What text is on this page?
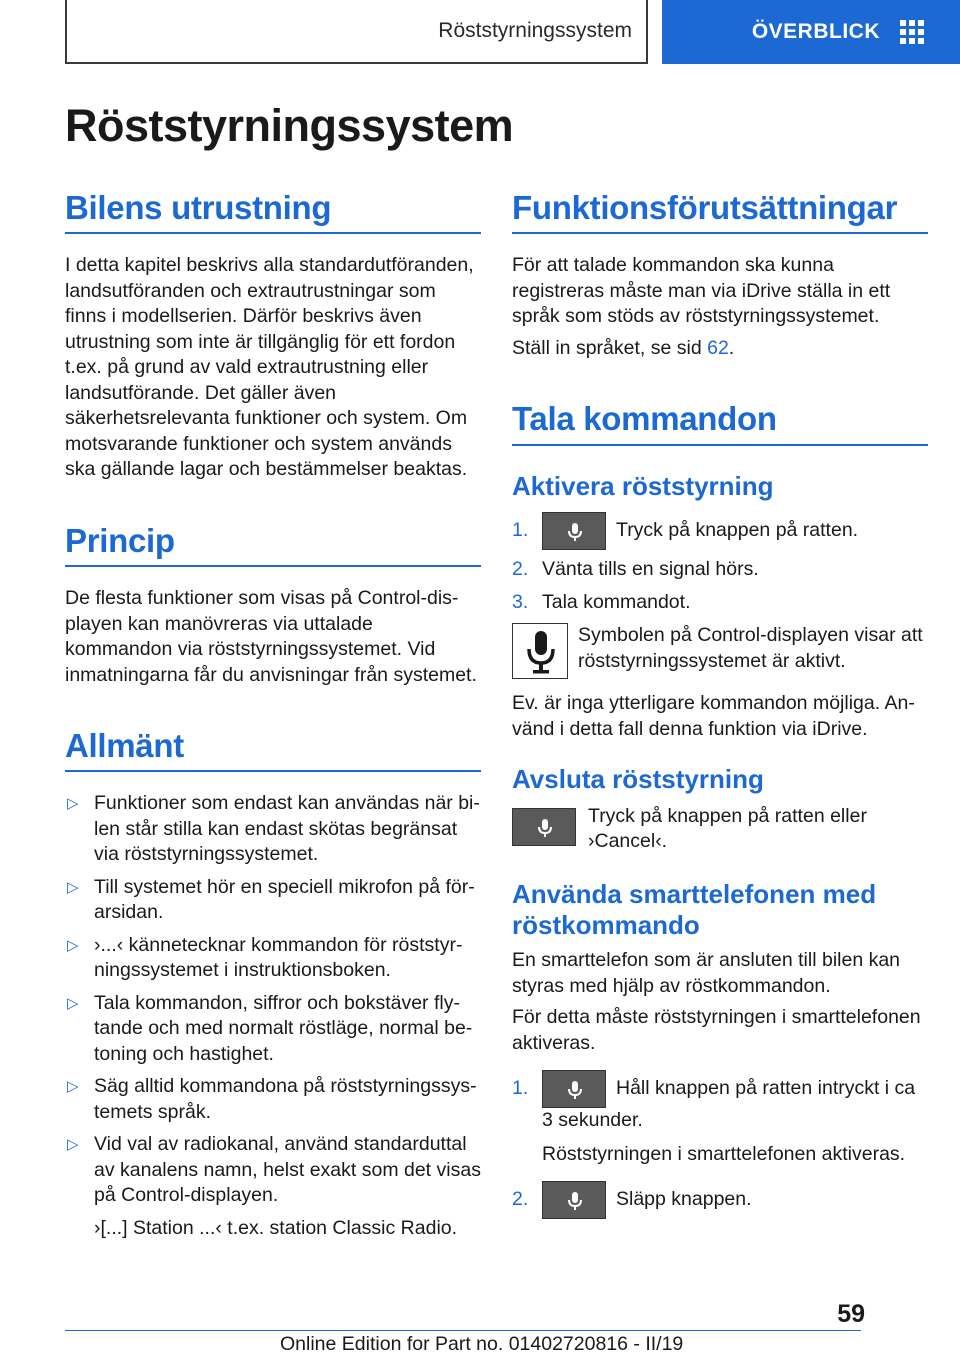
Röststyrningssystem	ÖVERBLICK
Röststyrningssystem
Bilens utrustning

I detta kapitel beskrivs alla standardutföranden, landsutföranden och extrautrustningar som finns i modellserien. Därför beskrivs även utrustning som inte är tillgänglig för ett fordon t.ex. på grund av vald extrautrustning eller landsutförande. Det gäller även säkerhetsrelevanta funktioner och system. Om motsvarande funktioner och system används ska gällande lagar och bestämmelser beaktas.

Princip

De flesta funktioner som visas på Control-displayen kan manövreras via uttalade kommandon via röststyrningssystemet. Vid inmatningarna får du anvisningar från systemet.

Allmänt
▷ Funktioner som endast kan användas när bilen står stilla kan endast skötas begränsat via röststyrningssystemet.
▷ Till systemet hör en speciell mikrofon på förarsidan.
▷ ›...‹ kännetecknar kommandon för röststyrningssystemet i instruktionsboken.
▷ Tala kommandon, siffror och bokstäver flytande och med normalt röstläge, normal betoning och hastighet.
▷ Säg alltid kommandona på röststyrningssystemets språk.
▷ Vid val av radiokanal, använd standarduttal av kanalens namn, helst exakt som det visas på Control-displayen.

›[...] Station ...‹ t.ex. station Classic Radio.

Funktionsförutsättningar

För att talade kommandon ska kunna registreras måste man via iDrive ställa in ett språk som stöds av röststyrningssystemet.

Ställ in språket, se sid 62.

Tala kommandon
Aktivera röststyrning
1.	Tryck på knappen på ratten.
2. Vänta tills en signal hörs.
3. Tala kommandot.

Symbolen på Control-displayen visar att röststyrningssystemet är aktivt.

Ev. är inga ytterligare kommandon möjliga. Använd i detta fall denna funktion via iDrive.

Avsluta röststyrning

Tryck på knappen på ratten eller ›Cancel‹.

Använda smarttelefonen med röstkommando

En smarttelefon som är ansluten till bilen kan styras med hjälp av röstkommandon.

För detta måste röststyrningen i smarttelefonen aktiveras.

1.	Håll knappen på ratten intryckt i ca 3 sekunder.

Röststyrningen i smarttelefonen aktiveras.

2.	Släpp knappen.
59
Online Edition for Part no. 01402720816 - II/19
